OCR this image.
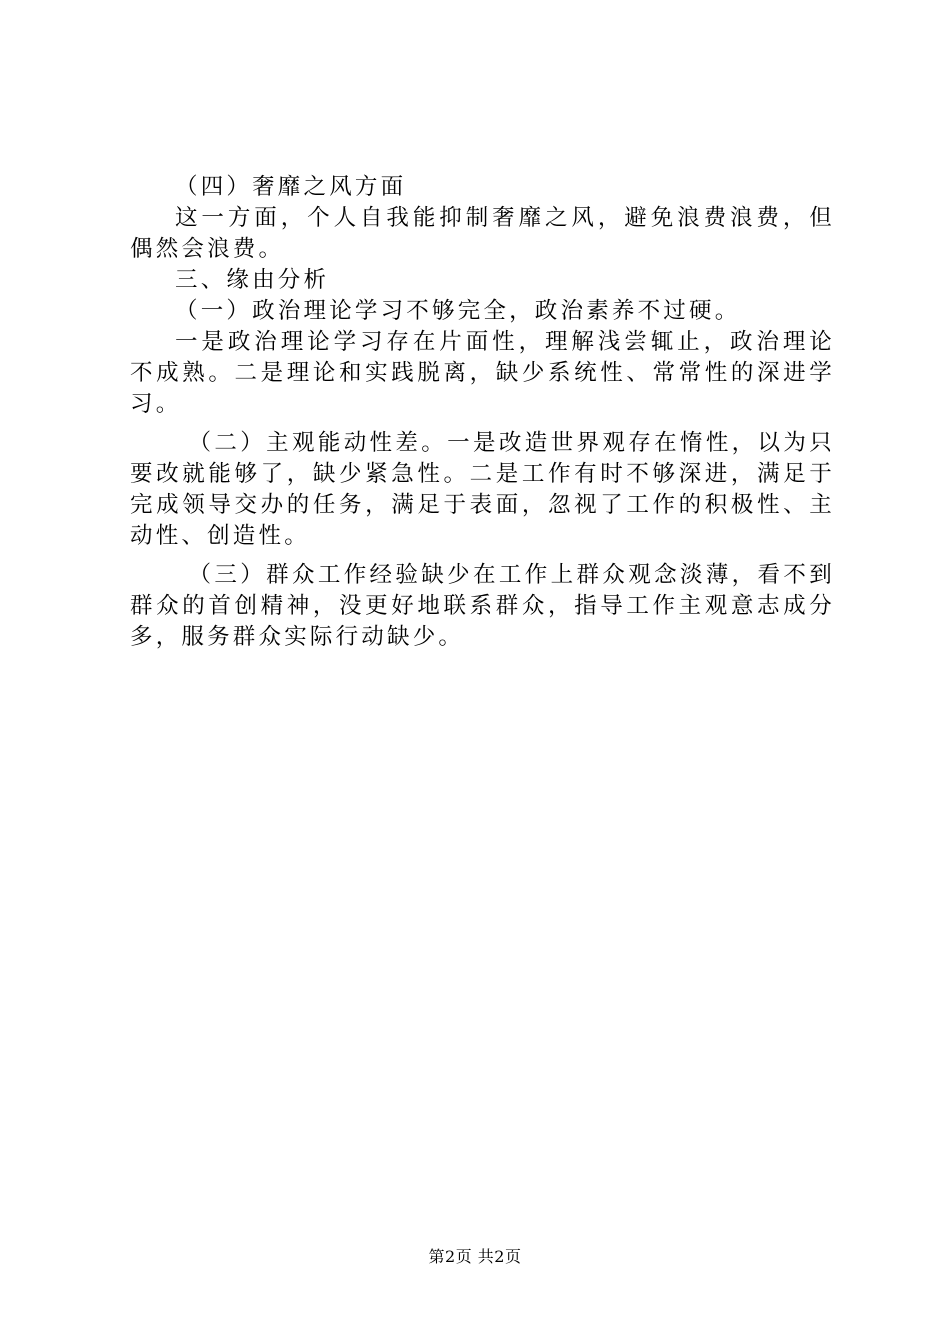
（四）奢靡之风方面

这一方面，个人自我能抑制奢靡之风，避免浪费浪费，但偶然会浪费。

三、缘由分析

（一）政治理论学习不够完全，政治素养不过硬。

一是政治理论学习存在片面性，理解浅尝辄止，政治理论不成熟。二是理论和实践脱离，缺少系统性、常常性的深进学习。

（二）主观能动性差。一是改造世界观存在惰性，以为只要改就能够了，缺少紧急性。二是工作有时不够深进，满足于完成领导交办的任务，满足于表面，忽视了工作的积极性、主动性、创造性。

（三）群众工作经验缺少在工作上群众观念淡薄，看不到群众的首创精神，没更好地联系群众，指导工作主观意志成分多，服务群众实际行动缺少。

第2页 共2页
